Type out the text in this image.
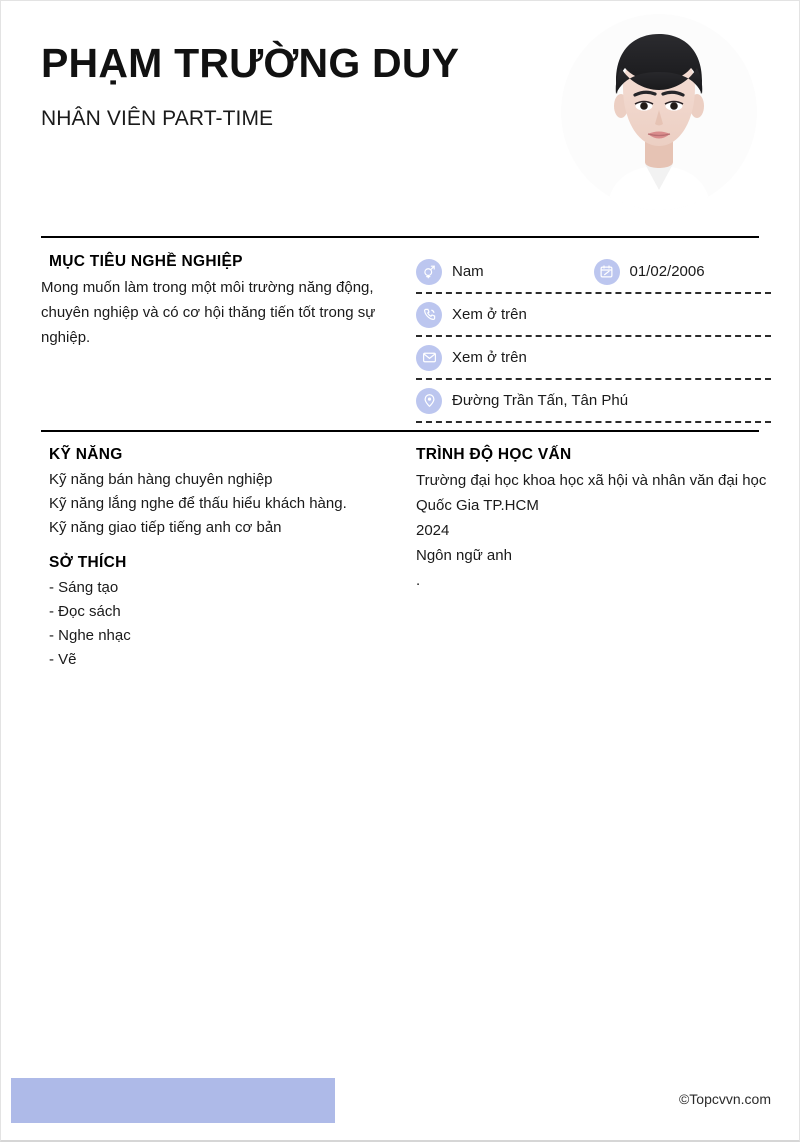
PHẠM TRƯỜNG DUY
NHÂN VIÊN PART-TIME
MỤC TIÊU NGHỀ NGHIỆP

Mong muốn làm trong một môi trường năng động, chuyên nghiệp và có cơ hội thăng tiến tốt trong sự nghiệp.

Nam	01/02/2006
Xem ở trên
Xem ở trên
Đường Trần Tấn, Tân Phú
KỸ NĂNG
Kỹ năng bán hàng chuyên nghiệp
Kỹ năng lắng nghe để thấu hiểu khách hàng.
Kỹ năng giao tiếp tiếng anh cơ bản
SỞ THÍCH
- Sáng tạo
- Đọc sách
- Nghe nhạc
- Vẽ
TRÌNH ĐỘ HỌC VẤN
Trường đại học khoa học xã hội và nhân văn đại học Quốc Gia TP.HCM
2024
Ngôn ngữ anh
.
©Topcvvn.com
